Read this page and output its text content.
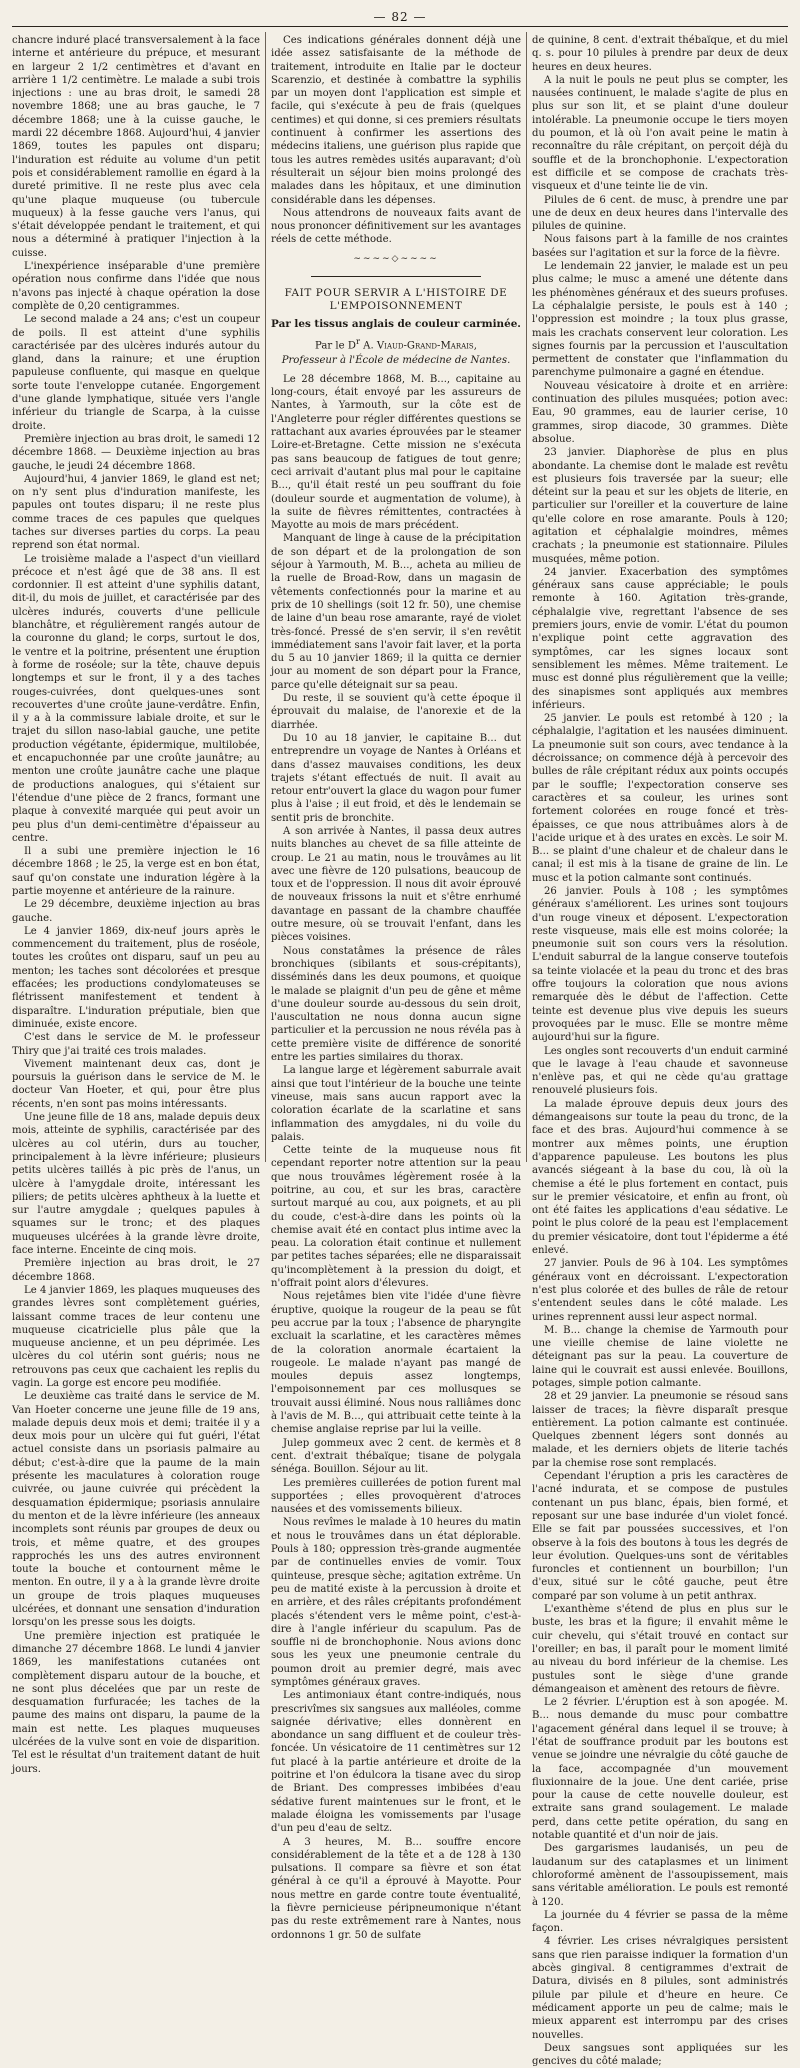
— 82 —

chancre induré placé transversalement à la face interne et antérieure du prépuce, et mesurant en largeur 2 1/2 centimètres et d'avant en arrière 1 1/2 centimètre. Le malade a subi trois injections : une au bras droit, le samedi 28 novembre 1868; une au bras gauche, le 7 décembre 1868; une à la cuisse gauche, le mardi 22 décembre 1868. Aujourd'hui, 4 janvier 1869, toutes les papules ont disparu; l'induration est réduite au volume d'un petit pois et considérablement ramollie en égard à la dureté primitive. Il ne reste plus avec cela qu'une plaque muqueuse (ou tubercule muqueux) à la fesse gauche vers l'anus, qui s'était développée pendant le traitement, et qui nous a déterminé à pratiquer l'injection à la cuisse.

L'inexpérience inséparable d'une première opération nous confirme dans l'idée que nous n'avons pas injecté à chaque opération la dose complète de 0,20 centigrammes.

Le second malade a 24 ans; c'est un coupeur de poils. Il est atteint d'une syphilis caractérisée par des ulcères indurés autour du gland, dans la rainure; et une éruption papuleuse confluente, qui masque en quelque sorte toute l'enveloppe cutanée. Engorgement d'une glande lymphatique, située vers l'angle inférieur du triangle de Scarpa, à la cuisse droite.

Première injection au bras droit, le samedi 12 décembre 1868. — Deuxième injection au bras gauche, le jeudi 24 décembre 1868.

Aujourd'hui, 4 janvier 1869, le gland est net; on n'y sent plus d'induration manifeste, les papules ont toutes disparu; il ne reste plus comme traces de ces papules que quelques taches sur diverses parties du corps. La peau reprend son état normal.

Le troisième malade a l'aspect d'un vieillard précoce et n'est âgé que de 38 ans. Il est cordonnier. Il est atteint d'une syphilis datant, dit-il, du mois de juillet, et caractérisée par des ulcères indurés, couverts d'une pellicule blanchâtre, et régulièrement rangés autour de la couronne du gland; le corps, surtout le dos, le ventre et la poitrine, présentent une éruption à forme de roséole; sur la tête, chauve depuis longtemps et sur le front, il y a des taches rouges-cuivrées, dont quelques-unes sont recouvertes d'une croûte jaune-verdâtre. Enfin, il y a à la commissure labiale droite, et sur le trajet du sillon naso-labial gauche, une petite production végétante, épidermique, multilobée, et encapuchonnée par une croûte jaunâtre; au menton une croûte jaunâtre cache une plaque de productions analogues, qui s'étaient sur l'étendue d'une pièce de 2 francs, formant une plaque à convexité marquée qui peut avoir un peu plus d'un demi-centimètre d'épaisseur au centre.

Il a subi une première injection le 16 décembre 1868 ; le 25, la verge est en bon état, sauf qu'on constate une induration légère à la partie moyenne et antérieure de la rainure.

Le 29 décembre, deuxième injection au bras gauche.

Le 4 janvier 1869, dix-neuf jours après le commencement du traitement, plus de roséole, toutes les croûtes ont disparu, sauf un peu au menton; les taches sont décolorées et presque effacées; les productions condylomateuses se flétrissent manifestement et tendent à disparaître. L'induration préputiale, bien que diminuée, existe encore.

C'est dans le service de M. le professeur Thiry que j'ai traité ces trois malades.

Vivement maintenant deux cas, dont je poursuis la guérison dans le service de M. le docteur Van Hoeter, et qui, pour être plus récents, n'en sont pas moins intéressants.

Une jeune fille de 18 ans, malade depuis deux mois, atteinte de syphilis, caractérisée par des ulcères au col utérin, durs au toucher, principalement à la lèvre inférieure; plusieurs petits ulcères taillés à pic près de l'anus, un ulcère à l'amygdale droite, intéressant les piliers; de petits ulcères aphtheux à la luette et sur l'autre amygdale ; quelques papules à squames sur le tronc; et des plaques muqueuses ulcérées à la grande lèvre droite, face interne. Enceinte de cinq mois.

Première injection au bras droit, le 27 décembre 1868.

Le 4 janvier 1869, les plaques muqueuses des grandes lèvres sont complètement guéries, laissant comme traces de leur contenu une muqueuse cicatricielle plus pâle que la muqueuse ancienne, et un peu déprimée. Les ulcères du col utérin sont guéris; nous ne retrouvons pas ceux que cachaient les replis du vagin. La gorge est encore peu modifiée.

Le deuxième cas traité dans le service de M. Van Hoeter concerne une jeune fille de 19 ans, malade depuis deux mois et demi; traitée il y a deux mois pour un ulcère qui fut guéri, l'état actuel consiste dans un psoriasis palmaire au début; c'est-à-dire que la paume de la main présente les maculatures à coloration rouge cuivrée, ou jaune cuivrée qui précèdent la desquamation épidermique; psoriasis annulaire du menton et de la lèvre inférieure (les anneaux incomplets sont réunis par groupes de deux ou trois, et même quatre, et des groupes rapprochés les uns des autres environnent toute la bouche et contournent même le menton. En outre, il y a à la grande lèvre droite un groupe de trois plaques muqueuses ulcérées, et donnant une sensation d'induration lorsqu'on les presse sous les doigts.

Une première injection est pratiquée le dimanche 27 décembre 1868. Le lundi 4 janvier 1869, les manifestations cutanées ont complètement disparu autour de la bouche, et ne sont plus décelées que par un reste de desquamation furfuracée; les taches de la paume des mains ont disparu, la paume de la main est nette. Les plaques muqueuses ulcérées de la vulve sont en voie de disparition. Tel est le résultat d'un traitement datant de huit jours.

Ces indications générales donnent déjà une idée assez satisfaisante de la méthode de traitement, introduite en Italie par le docteur Scarenzio, et destinée à combattre la syphilis par un moyen dont l'application est simple et facile, qui s'exécute à peu de frais (quelques centimes) et qui donne, si ces premiers résultats continuent à confirmer les assertions des médecins italiens, une guérison plus rapide que tous les autres remèdes usités auparavant; d'où résulterait un séjour bien moins prolongé des malades dans les hôpitaux, et une diminution considérable dans les dépenses.

Nous attendrons de nouveaux faits avant de nous prononcer définitivement sur les avantages réels de cette méthode.

∼∼∼∼◇∼∼∼∼

FAIT POUR SERVIR A L'HISTOIRE DE L'EMPOISONNEMENT

Par les tissus anglais de couleur carminée.

Par le $D^r$ A. Viaud-Grand-Marais,

Professeur à l'École de médecine de Nantes.

Le 28 décembre 1868, M. B..., capitaine au long-cours, était envoyé par les assureurs de Nantes, à Yarmouth, sur la côte est de l'Angleterre pour régler différentes questions se rattachant aux avaries éprouvées par le steamer Loire-et-Bretagne. Cette mission ne s'exécuta pas sans beaucoup de fatigues de tout genre; ceci arrivait d'autant plus mal pour le capitaine B..., qu'il était resté un peu souffrant du foie (douleur sourde et augmentation de volume), à la suite de fièvres rémittentes, contractées à Mayotte au mois de mars précédent.

Manquant de linge à cause de la précipitation de son départ et de la prolongation de son séjour à Yarmouth, M. B..., acheta au milieu de la ruelle de Broad-Row, dans un magasin de vêtements confectionnés pour la marine et au prix de 10 shellings (soit 12 fr. 50), une chemise de laine d'un beau rose amarante, rayé de violet très-foncé. Pressé de s'en servir, il s'en revêtit immédiatement sans l'avoir fait laver, et la porta du 5 au 10 janvier 1869; il la quitta ce dernier jour au moment de son départ pour la France, parce qu'elle déteignait sur sa peau.

Du reste, il se souvient qu'à cette époque il éprouvait du malaise, de l'anorexie et de la diarrhée.

Du 10 au 18 janvier, le capitaine B... dut entreprendre un voyage de Nantes à Orléans et dans d'assez mauvaises conditions, les deux trajets s'étant effectués de nuit. Il avait au retour entr'ouvert la glace du wagon pour fumer plus à l'aise ; il eut froid, et dès le lendemain se sentit pris de bronchite.

A son arrivée à Nantes, il passa deux autres nuits blanches au chevet de sa fille atteinte de croup. Le 21 au matin, nous le trouvâmes au lit avec une fièvre de 120 pulsations, beaucoup de toux et de l'oppression. Il nous dit avoir éprouvé de nouveaux frissons la nuit et s'être enrhumé davantage en passant de la chambre chauffée outre mesure, où se trouvait l'enfant, dans les pièces voisines.

Nous constatâmes la présence de râles bronchiques (sibilants et sous-crépitants), disséminés dans les deux poumons, et quoique le malade se plaignit d'un peu de gêne et même d'une douleur sourde au-dessous du sein droit, l'auscultation ne nous donna aucun signe particulier et la percussion ne nous révéla pas à cette première visite de différence de sonorité entre les parties similaires du thorax.

La langue large et légèrement saburrale avait ainsi que tout l'intérieur de la bouche une teinte vineuse, mais sans aucun rapport avec la coloration écarlate de la scarlatine et sans inflammation des amygdales, ni du voile du palais.

Cette teinte de la muqueuse nous fit cependant reporter notre attention sur la peau que nous trouvâmes légèrement rosée à la poitrine, au cou, et sur les bras, caractère surtout marqué au cou, aux poignets, et au pli du coude, c'est-à-dire dans les points où la chemise avait été en contact plus intime avec la peau. La coloration était continue et nullement par petites taches séparées; elle ne disparaissait qu'incomplètement à la pression du doigt, et n'offrait point alors d'élevures.

Nous rejetâmes bien vite l'idée d'une fièvre éruptive, quoique la rougeur de la peau se fût peu accrue par la toux ; l'absence de pharyngite excluait la scarlatine, et les caractères mêmes de la coloration anormale écartaient la rougeole. Le malade n'ayant pas mangé de moules depuis assez longtemps, l'empoisonnement par ces mollusques se trouvait aussi éliminé. Nous nous ralliâmes donc à l'avis de M. B..., qui attribuait cette teinte à la chemise anglaise reprise par lui la veille.

Julep gommeux avec 2 cent. de kermès et 8 cent. d'extrait thébaïque; tisane de polygala sénéga. Bouillon. Séjour au lit.

Les premières cuillerées de potion furent mal supportées ; elles provoquèrent d'atroces nausées et des vomissements bilieux.

Nous revîmes le malade à 10 heures du matin et nous le trouvâmes dans un état déplorable. Pouls à 180; oppression très-grande augmentée par de continuelles envies de vomir. Toux quinteuse, presque sèche; agitation extrême. Un peu de matité existe à la percussion à droite et en arrière, et des râles crépitants profondément placés s'étendent vers le même point, c'est-à-dire à l'angle inférieur du scapulum. Pas de souffle ni de bronchophonie. Nous avions donc sous les yeux une pneumonie centrale du poumon droit au premier degré, mais avec symptômes généraux graves.

Les antimoniaux étant contre-indiqués, nous prescrivîmes six sangsues aux malléoles, comme saignée dérivative; elles donnèrent en abondance un sang diffluent et de couleur très-foncée. Un vésicatoire de 11 centimètres sur 12 fut placé à la partie antérieure et droite de la poitrine et l'on édulcora la tisane avec du sirop de Briant. Des compresses imbibées d'eau sédative furent maintenues sur le front, et le malade éloigna les vomissements par l'usage d'un peu d'eau de seltz.

A 3 heures, M. B... souffre encore considérablement de la tête et a de 128 à 130 pulsations. Il compare sa fièvre et son état général à ce qu'il a éprouvé à Mayotte. Pour nous mettre en garde contre toute éventualité, la fièvre pernicieuse péripneumonique n'étant pas du reste extrêmement rare à Nantes, nous ordonnons 1 gr. 50 de sulfate

de quinine, 8 cent. d'extrait thébaïque, et du miel q. s. pour 10 pilules à prendre par deux de deux heures en deux heures.

A la nuit le pouls ne peut plus se compter, les nausées continuent, le malade s'agite de plus en plus sur son lit, et se plaint d'une douleur intolérable. La pneumonie occupe le tiers moyen du poumon, et là où l'on avait peine le matin à reconnaître du râle crépitant, on perçoit déjà du souffle et de la bronchophonie. L'expectoration est difficile et se compose de crachats très-visqueux et d'une teinte lie de vin.

Pilules de 6 cent. de musc, à prendre une par une de deux en deux heures dans l'intervalle des pilules de quinine.

Nous faisons part à la famille de nos craintes basées sur l'agitation et sur la force de la fièvre.

Le lendemain 22 janvier, le malade est un peu plus calme; le musc a amené une détente dans les phénomènes généraux et des sueurs profuses. La céphalalgie persiste, le pouls est à 140 ; l'oppression est moindre ; la toux plus grasse, mais les crachats conservent leur coloration. Les signes fournis par la percussion et l'auscultation permettent de constater que l'inflammation du parenchyme pulmonaire a gagné en étendue.

Nouveau vésicatoire à droite et en arrière: continuation des pilules musquées; potion avec: Eau, 90 grammes, eau de laurier cerise, 10 grammes, sirop diacode, 30 grammes. Diète absolue.

23 janvier. Diaphorèse de plus en plus abondante. La chemise dont le malade est revêtu est plusieurs fois traversée par la sueur; elle déteint sur la peau et sur les objets de literie, en particulier sur l'oreiller et la couverture de laine qu'elle colore en rose amarante. Pouls à 120; agitation et céphalalgie moindres, mêmes crachats ; la pneumonie est stationnaire. Pilules musquées, même potion.

24 janvier. Exacerbation des symptômes généraux sans cause appréciable; le pouls remonte à 160. Agitation très-grande, céphalalgie vive, regrettant l'absence de ses premiers jours, envie de vomir. L'état du poumon n'explique point cette aggravation des symptômes, car les signes locaux sont sensiblement les mêmes. Même traitement. Le musc est donné plus régulièrement que la veille; des sinapismes sont appliqués aux membres inférieurs.

25 janvier. Le pouls est retombé à 120 ; la céphalalgie, l'agitation et les nausées diminuent. La pneumonie suit son cours, avec tendance à la décroissance; on commence déjà à percevoir des bulles de râle crépitant rédux aux points occupés par le souffle; l'expectoration conserve ses caractères et sa couleur, les urines sont fortement colorées en rouge foncé et très-épaisses, ce que nous attribuâmes alors à de l'acide urique et à des urates en excès. Le soir M. B... se plaint d'une chaleur et de chaleur dans le canal; il est mis à la tisane de graine de lin. Le musc et la potion calmante sont continués.

26 janvier. Pouls à 108 ; les symptômes généraux s'améliorent. Les urines sont toujours d'un rouge vineux et déposent. L'expectoration reste visqueuse, mais elle est moins colorée; la pneumonie suit son cours vers la résolution. L'enduit saburral de la langue conserve toutefois sa teinte violacée et la peau du tronc et des bras offre toujours la coloration que nous avions remarquée dès le début de l'affection. Cette teinte est devenue plus vive depuis les sueurs provoquées par le musc. Elle se montre même aujourd'hui sur la figure.

Les ongles sont recouverts d'un enduit carminé que le lavage à l'eau chaude et savonneuse n'enlève pas, et qui ne cède qu'au grattage renouvelé plusieurs fois.

La malade éprouve depuis deux jours des démangeaisons sur toute la peau du tronc, de la face et des bras. Aujourd'hui commence à se montrer aux mêmes points, une éruption d'apparence papuleuse. Les boutons les plus avancés siégeant à la base du cou, là où la chemise a été le plus fortement en contact, puis sur le premier vésicatoire, et enfin au front, où ont été faites les applications d'eau sédative. Le point le plus coloré de la peau est l'emplacement du premier vésicatoire, dont tout l'épiderme a été enlevé.

27 janvier. Pouls de 96 à 104. Les symptômes généraux vont en décroissant. L'expectoration n'est plus colorée et des bulles de râle de retour s'entendent seules dans le côté malade. Les urines reprennent aussi leur aspect normal.

M. B... change la chemise de Yarmouth pour une vieille chemise de laine violette ne déteignant pas sur la peau. La couverture de laine qui le couvrait est aussi enlevée. Bouillons, potages, simple potion calmante.

28 et 29 janvier. La pneumonie se résoud sans laisser de traces; la fièvre disparaît presque entièrement. La potion calmante est continuée. Quelques zbennent légers sont donnés au malade, et les derniers objets de literie tachés par la chemise rose sont remplacés.

Cependant l'éruption a pris les caractères de l'acné indurata, et se compose de pustules contenant un pus blanc, épais, bien formé, et reposant sur une base indurée d'un violet foncé. Elle se fait par poussées successives, et l'on observe à la fois des boutons à tous les degrés de leur évolution. Quelques-uns sont de véritables furoncles et contiennent un bourbillon; l'un d'eux, situé sur le côté gauche, peut être comparé par son volume à un petit anthrax.

L'exanthème s'étend de plus en plus sur le buste, les bras et la figure; il envahit même le cuir chevelu, qui s'était trouvé en contact sur l'oreiller; en bas, il paraît pour le moment limité au niveau du bord inférieur de la chemise. Les pustules sont le siège d'une grande démangeaison et amènent des retours de fièvre.

Le 2 février. L'éruption est à son apogée. M. B... nous demande du musc pour combattre l'agacement général dans lequel il se trouve; à l'état de souffrance produit par les boutons est venue se joindre une névralgie du côté gauche de la face, accompagnée d'un mouvement fluxionnaire de la joue. Une dent cariée, prise pour la cause de cette nouvelle douleur, est extraite sans grand soulagement. Le malade perd, dans cette petite opération, du sang en notable quantité et d'un noir de jais.

Des gargarismes laudanisés, un peu de laudanum sur des cataplasmes et un liniment chloroformé amènent de l'assoupissement, mais sans véritable amélioration. Le pouls est remonté à 120.

La journée du 4 février se passa de la même façon.

4 février. Les crises névralgiques persistent sans que rien paraisse indiquer la formation d'un abcès gingival. 8 centigrammes d'extrait de Datura, divisés en 8 pilules, sont administrés pilule par pilule et d'heure en heure. Ce médicament apporte un peu de calme; mais le mieux apparent est interrompu par des crises nouvelles.

Deux sangsues sont appliquées sur les gencives du côté malade;
